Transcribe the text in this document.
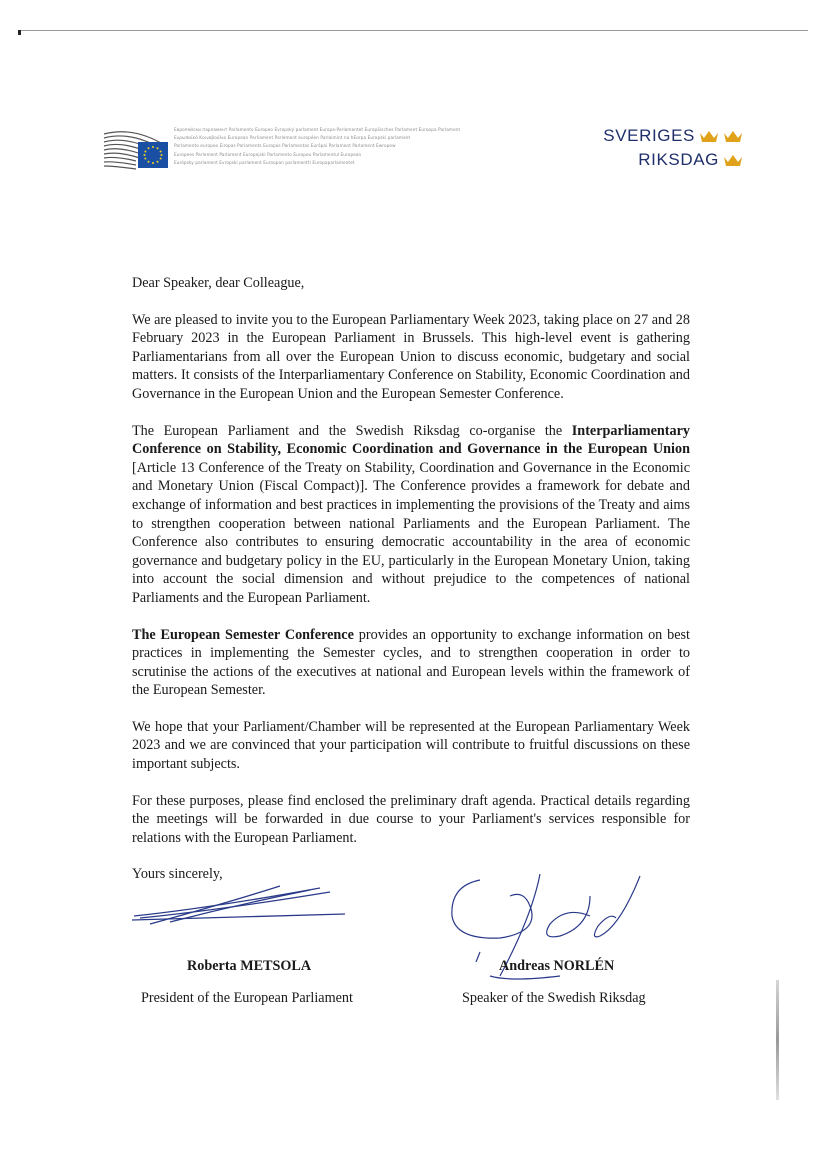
Европейски парламент Parlamento Europeo Evropský parlament Europa-Parlamentet Europäisches Parlament Euroopa Parlament
Ευρωπαϊκό Κοινοβούλιο European Parliament Parlement européen Parlaimint na hEorpa Europski parlament
Parlamento europeo Eiropas Parlaments Europos Parlamentas Európai Parlament Parlament Ewropew
Europees Parlement Parlament Europejski Parlamento Europeu Parlamentul European
Európsky parlament Evropski parlament Euroopan parlamentti Europaparlamentet
SVERIGES
RIKSDAG

Dear Speaker, dear Colleague,

We are pleased to invite you to the European Parliamentary Week 2023, taking place on 27 and 28 February 2023 in the European Parliament in Brussels. This high-level event is gathering Parliamentarians from all over the European Union to discuss economic, budgetary and social matters. It consists of the Interparliamentary Conference on Stability, Economic Coordination and Governance in the European Union and the European Semester Conference.

The European Parliament and the Swedish Riksdag co-organise the Interparliamentary Conference on Stability, Economic Coordination and Governance in the European Union [Article 13 Conference of the Treaty on Stability, Coordination and Governance in the Economic and Monetary Union (Fiscal Compact)]. The Conference provides a framework for debate and exchange of information and best practices in implementing the provisions of the Treaty and aims to strengthen cooperation between national Parliaments and the European Parliament. The Conference also contributes to ensuring democratic accountability in the area of economic governance and budgetary policy in the EU, particularly in the European Monetary Union, taking into account the social dimension and without prejudice to the competences of national Parliaments and the European Parliament.

The European Semester Conference provides an opportunity to exchange information on best practices in implementing the Semester cycles, and to strengthen cooperation in order to scrutinise the actions of the executives at national and European levels within the framework of the European Semester.

We hope that your Parliament/Chamber will be represented at the European Parliamentary Week 2023 and we are convinced that your participation will contribute to fruitful discussions on these important subjects.

For these purposes, please find enclosed the preliminary draft agenda. Practical details regarding the meetings will be forwarded in due course to your Parliament's services responsible for relations with the European Parliament.

Yours sincerely,

Roberta METSOLA
President of the European Parliament
Andreas NORLÉN
Speaker of the Swedish Riksdag
